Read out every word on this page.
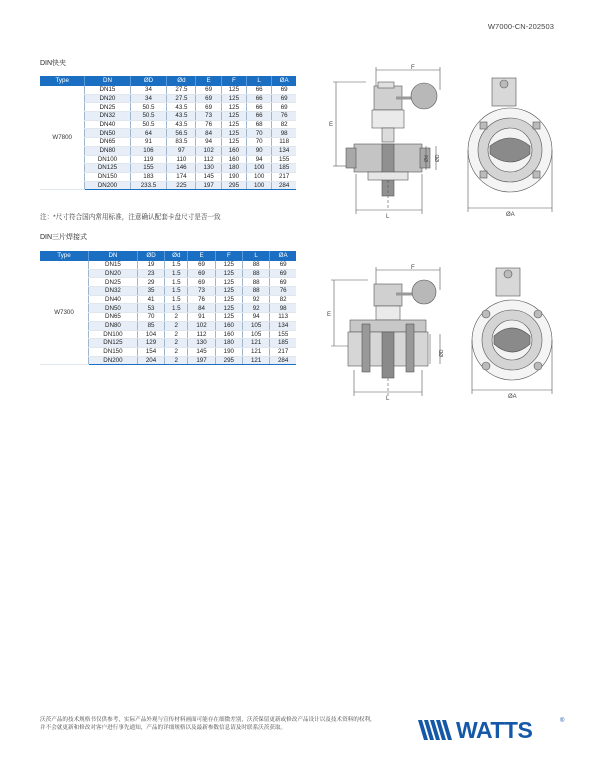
W7000-CN-202503
DIN快夹
Type	DN	ØD	Ød	E	F	L	ØA
W7800	DN15	34	27.5	69	125	66	69
	DN20	34	27.5	69	125	66	69
	DN25	50.5	43.5	69	125	66	69
	DN32	50.5	43.5	73	125	66	76
	DN40	50.5	43.5	76	125	68	82
	DN50	64	56.5	84	125	70	98
	DN65	91	83.5	94	125	70	118
	DN80	106	97	102	160	90	134
	DN100	119	110	112	160	94	155
	DN125	155	146	130	180	100	185
	DN150	183	174	145	190	100	217
	DN200	233.5	225	197	295	100	284
注：*尺寸符合国内常用标准，注意确认配套卡盘尺寸是否一致
DIN三片焊接式
Type	DN	ØD	Ød	E	F	L	ØA
W7300	DN15	19	1.5	69	125	88	69
	DN20	23	1.5	69	125	88	69
	DN25	29	1.5	69	125	88	69
	DN32	35	1.5	73	125	88	76
	DN40	41	1.5	76	125	92	82
	DN50	53	1.5	84	125	92	98
	DN65	70	2	91	125	94	113
	DN80	85	2	102	160	105	134
	DN100	104	2	112	160	105	155
	DN125	129	2	130	180	121	185
	DN150	154	2	145	190	121	217
	DN200	204	2	197	295	121	284
F
E
L
Ød ØD
ØA
F
E
L
ØD
ØA
沃茨产品的技术规格书仅供参考，实际产品外观与宣传材料画面可能存在细微差别，沃茨保留更新或修改产品设计以及技术资料的权利，并不会就更新和修改对客户进行事先通知，产品的详细规格以及最新参数信息请及时联系沃茨获取。	WATTS	®
